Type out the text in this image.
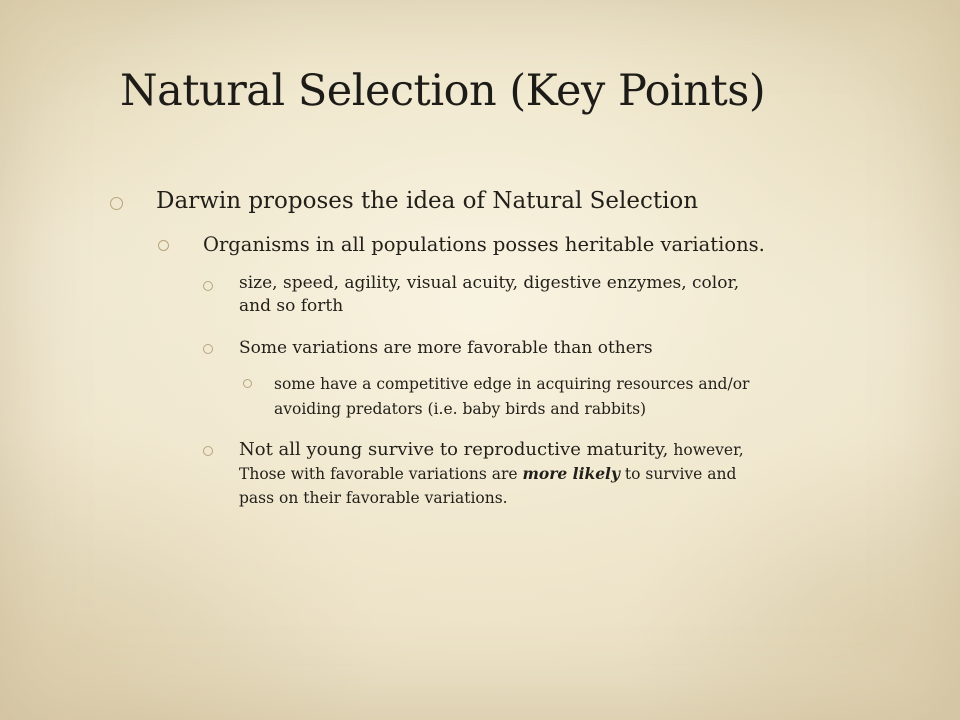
Natural Selection (Key Points)
Darwin proposes the idea of Natural Selection
Organisms in all populations posses heritable variations.
size, speed, agility, visual acuity, digestive enzymes, color,
and so forth
Some variations are more favorable than others
some have a competitive edge in acquiring resources and/or
avoiding predators (i.e. baby birds and rabbits)
Not all young survive to reproductive maturity, however,
Those with favorable variations are more likely to survive and
pass on their favorable variations.
